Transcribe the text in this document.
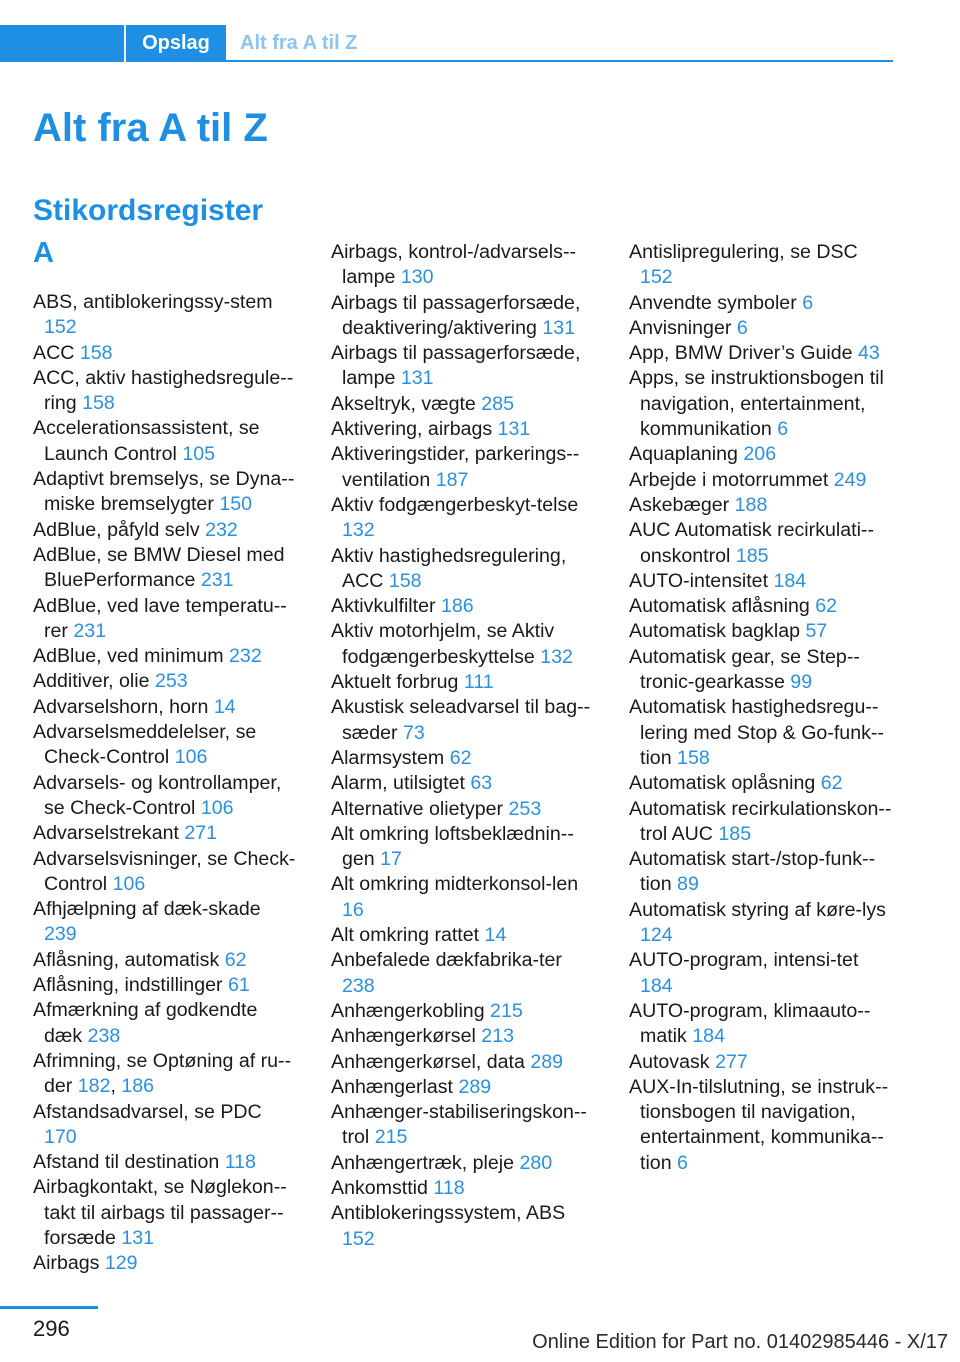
Opslag	Alt fra A til Z
Alt fra A til Z
Stikordsregister
A
ABS, antiblokeringssy-stem 152
ACC 158
ACC, aktiv hastighedsregule-ring 158
Accelerationsassistent, se Launch Control 105
Adaptivt bremselys, se Dyna-miske bremselygter 150
AdBlue, påfyld selv 232
AdBlue, se BMW Diesel med BluePerformance 231
AdBlue, ved lave temperatu-rer 231
AdBlue, ved minimum 232
Additiver, olie 253
Advarselshorn, horn 14
Advarselsmeddelelser, se Check-Control 106
Advarsels- og kontrollamper, se Check-Control 106
Advarselstrekant 271
Advarselsvisninger, se Check-Control 106
Afhjælpning af dæk-skade 239
Aflåsning, automatisk 62
Aflåsning, indstillinger 61
Afmærkning af godkendte dæk 238
Afrimning, se Optøning af ru-der 182, 186
Afstandsadvarsel, se PDC 170
Afstand til destination 118
Airbagkontakt, se Nøglekon-takt til airbags til passager-forsæde 131
Airbags 129
Airbags, kontrol-/advarsels-lampe 130
Airbags til passagerforsæde, deaktivering/aktivering 131
Airbags til passagerforsæde, lampe 131
Akseltryk, vægte 285
Aktivering, airbags 131
Aktiveringstider, parkerings-ventilation 187
Aktiv fodgængerbeskyt-telse 132
Aktiv hastighedsregulering, ACC 158
Aktivkulfilter 186
Aktiv motorhjelm, se Aktiv fodgængerbeskyttelse 132
Aktuelt forbrug 111
Akustisk seleadvarsel til bag-sæder 73
Alarmsystem 62
Alarm, utilsigtet 63
Alternative olietyper 253
Alt omkring loftsbeklædnin-gen 17
Alt omkring midterkonsol-len 16
Alt omkring rattet 14
Anbefalede dækfabrika-ter 238
Anhængerkobling 215
Anhængerkørsel 213
Anhængerkørsel, data 289
Anhængerlast 289
Anhænger-stabiliseringskon-trol 215
Anhængertræk, pleje 280
Ankomsttid 118
Antiblokeringssystem, ABS 152
Antislipregulering, se DSC 152
Anvendte symboler 6
Anvisninger 6
App, BMW Driver’s Guide 43
Apps, se instruktionsbogen til navigation, entertainment, kommunikation 6
Aquaplaning 206
Arbejde i motorrummet 249
Askebæger 188
AUC Automatisk recirkulati-onskontrol 185
AUTO-intensitet 184
Automatisk aflåsning 62
Automatisk bagklap 57
Automatisk gear, se Step-tronic-gearkasse 99
Automatisk hastighedsregu-lering med Stop & Go-funk-tion 158
Automatisk oplåsning 62
Automatisk recirkulationskon-trol AUC 185
Automatisk start-/stop-funk-tion 89
Automatisk styring af køre-lys 124
AUTO-program, intensi-tet 184
AUTO-program, klimaauto-matik 184
Autovask 277
AUX-In-tilslutning, se instruk-tionsbogen til navigation, entertainment, kommunika-tion 6
296
Online Edition for Part no. 01402985446 - X/17
